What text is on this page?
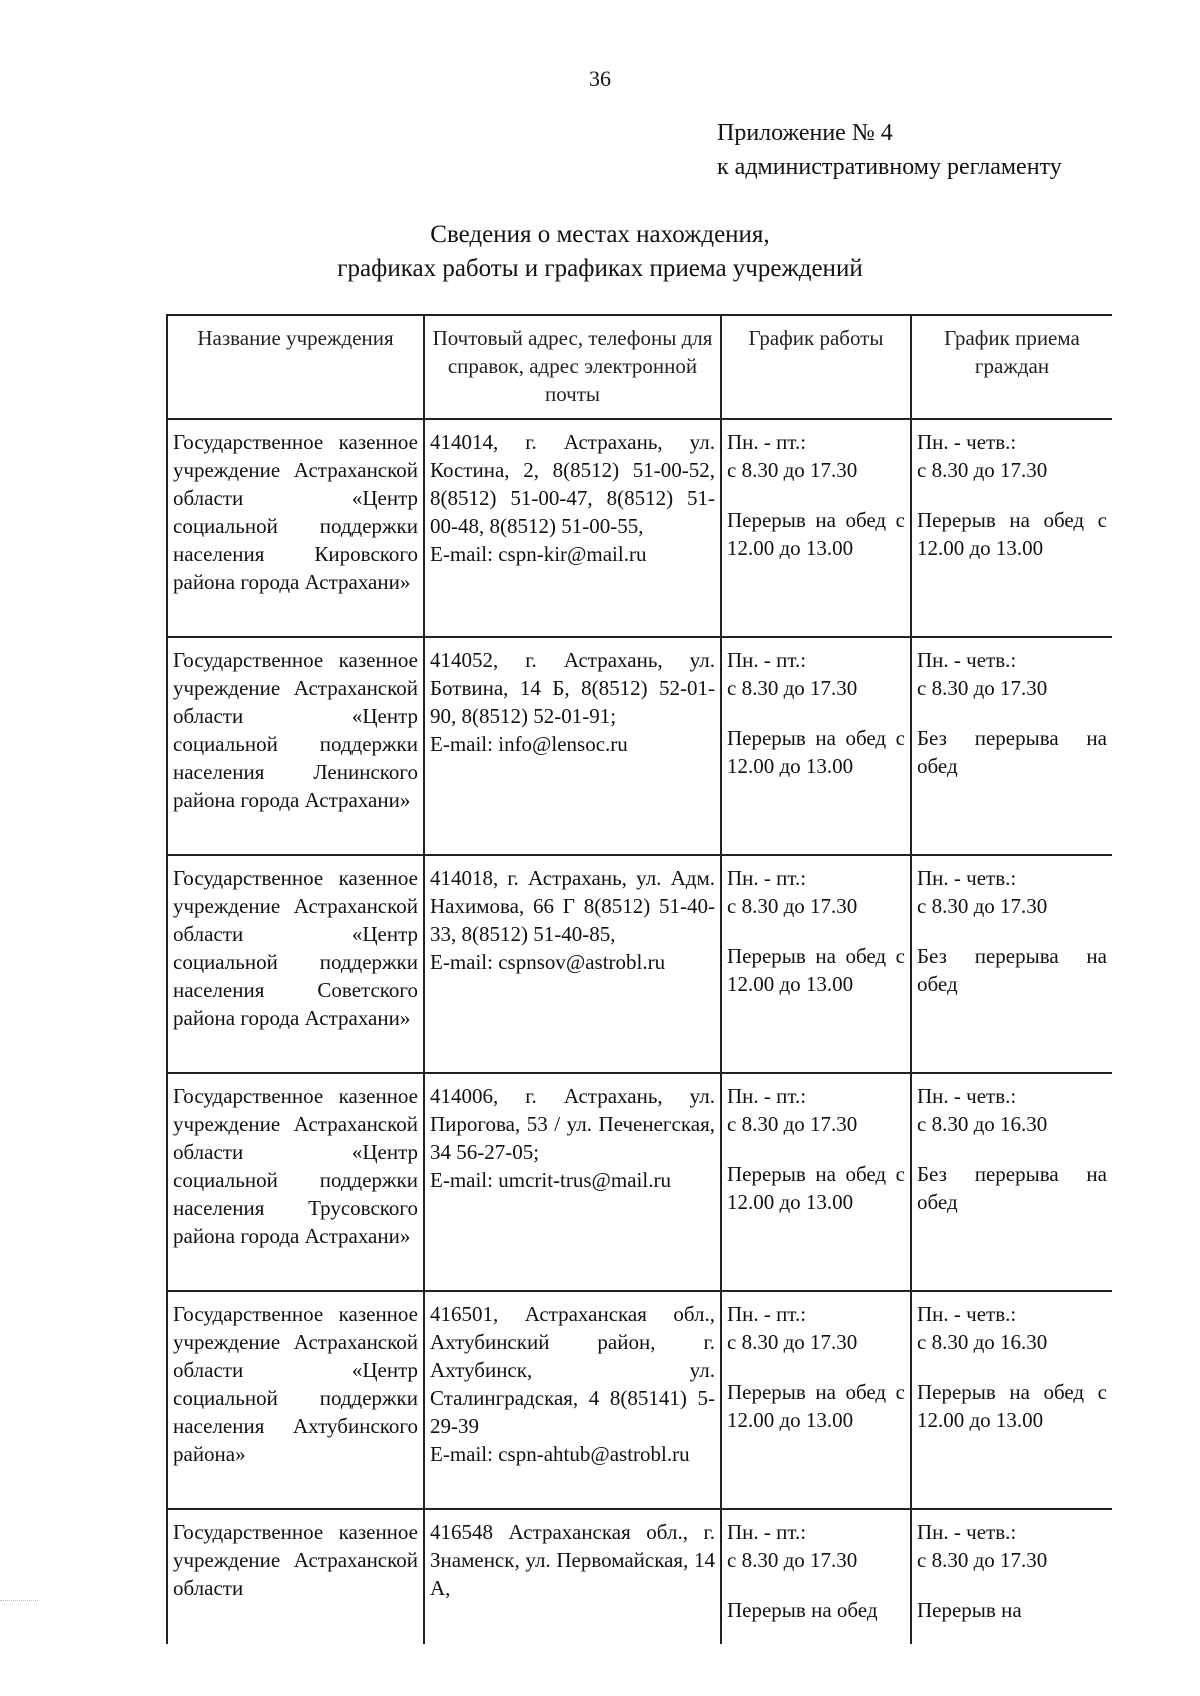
36
Приложение № 4
к административному регламенту
Сведения о местах нахождения,
графиках работы и графиках приема учреждений
Название учреждения	Почтовый адрес, телефоны для справок, адрес электронной почты	График работы	График приема граждан
Государственное казенное учреждение Астраханской области «Центр социальной поддержки населения Кировского района города Астрахани»	414014, г. Астрахань, ул. Костина, 2, 8(8512) 51-00-52, 8(8512) 51-00-47, 8(8512) 51-00-48, 8(8512) 51-00-55,
E-mail: cspn-kir@mail.ru	Пн. - пт.:
с 8.30 до 17.30
Перерыв на обед с 12.00 до 13.00	Пн. - четв.:
с 8.30 до 17.30
Перерыв на обед с 12.00 до 13.00

Государственное казенное учреждение Астраханской области «Центр социальной поддержки населения Ленинского района города Астрахани»	414052, г. Астрахань, ул. Ботвина, 14 Б, 8(8512) 52-01-90, 8(8512) 52-01-91;
E-mail: info@lensoc.ru	Пн. - пт.:
с 8.30 до 17.30
Перерыв на обед с 12.00 до 13.00	Пн. - четв.:
с 8.30 до 17.30
Без перерыва на обед

Государственное казенное учреждение Астраханской области «Центр социальной поддержки населения Советского района города Астрахани»	414018, г. Астрахань, ул. Адм. Нахимова, 66 Г 8(8512) 51-40-33, 8(8512) 51-40-85,
E-mail: cspnsov@astrobl.ru	Пн. - пт.:
с 8.30 до 17.30
Перерыв на обед с 12.00 до 13.00	Пн. - четв.:
с 8.30 до 17.30
Без перерыва на обед

Государственное казенное учреждение Астраханской области «Центр социальной поддержки населения Трусовского района города Астрахани»	414006, г. Астрахань, ул. Пирогова, 53 / ул. Печенегская, 34 56-27-05;
E-mail: umcrit-trus@mail.ru	Пн. - пт.:
с 8.30 до 17.30
Перерыв на обед с 12.00 до 13.00	Пн. - четв.:
с 8.30 до 16.30
Без перерыва на обед

Государственное казенное учреждение Астраханской области «Центр социальной поддержки населения Ахтубинского района»	416501, Астраханская обл., Ахтубинский район, г. Ахтубинск, ул. Сталинградская, 4 8(85141) 5-29-39
E-mail: cspn-ahtub@astrobl.ru	Пн. - пт.:
с 8.30 до 17.30
Перерыв на обед с 12.00 до 13.00	Пн. - четв.:
с 8.30 до 16.30
Перерыв на обед с 12.00 до 13.00

Государственное казенное учреждение Астраханской области	416548 Астраханская обл., г. Знаменск, ул. Первомайская, 14 А,	Пн. - пт.:
с 8.30 до 17.30
Перерыв на обед	Пн. - четв.:
с 8.30 до 17.30
Перерыв на
